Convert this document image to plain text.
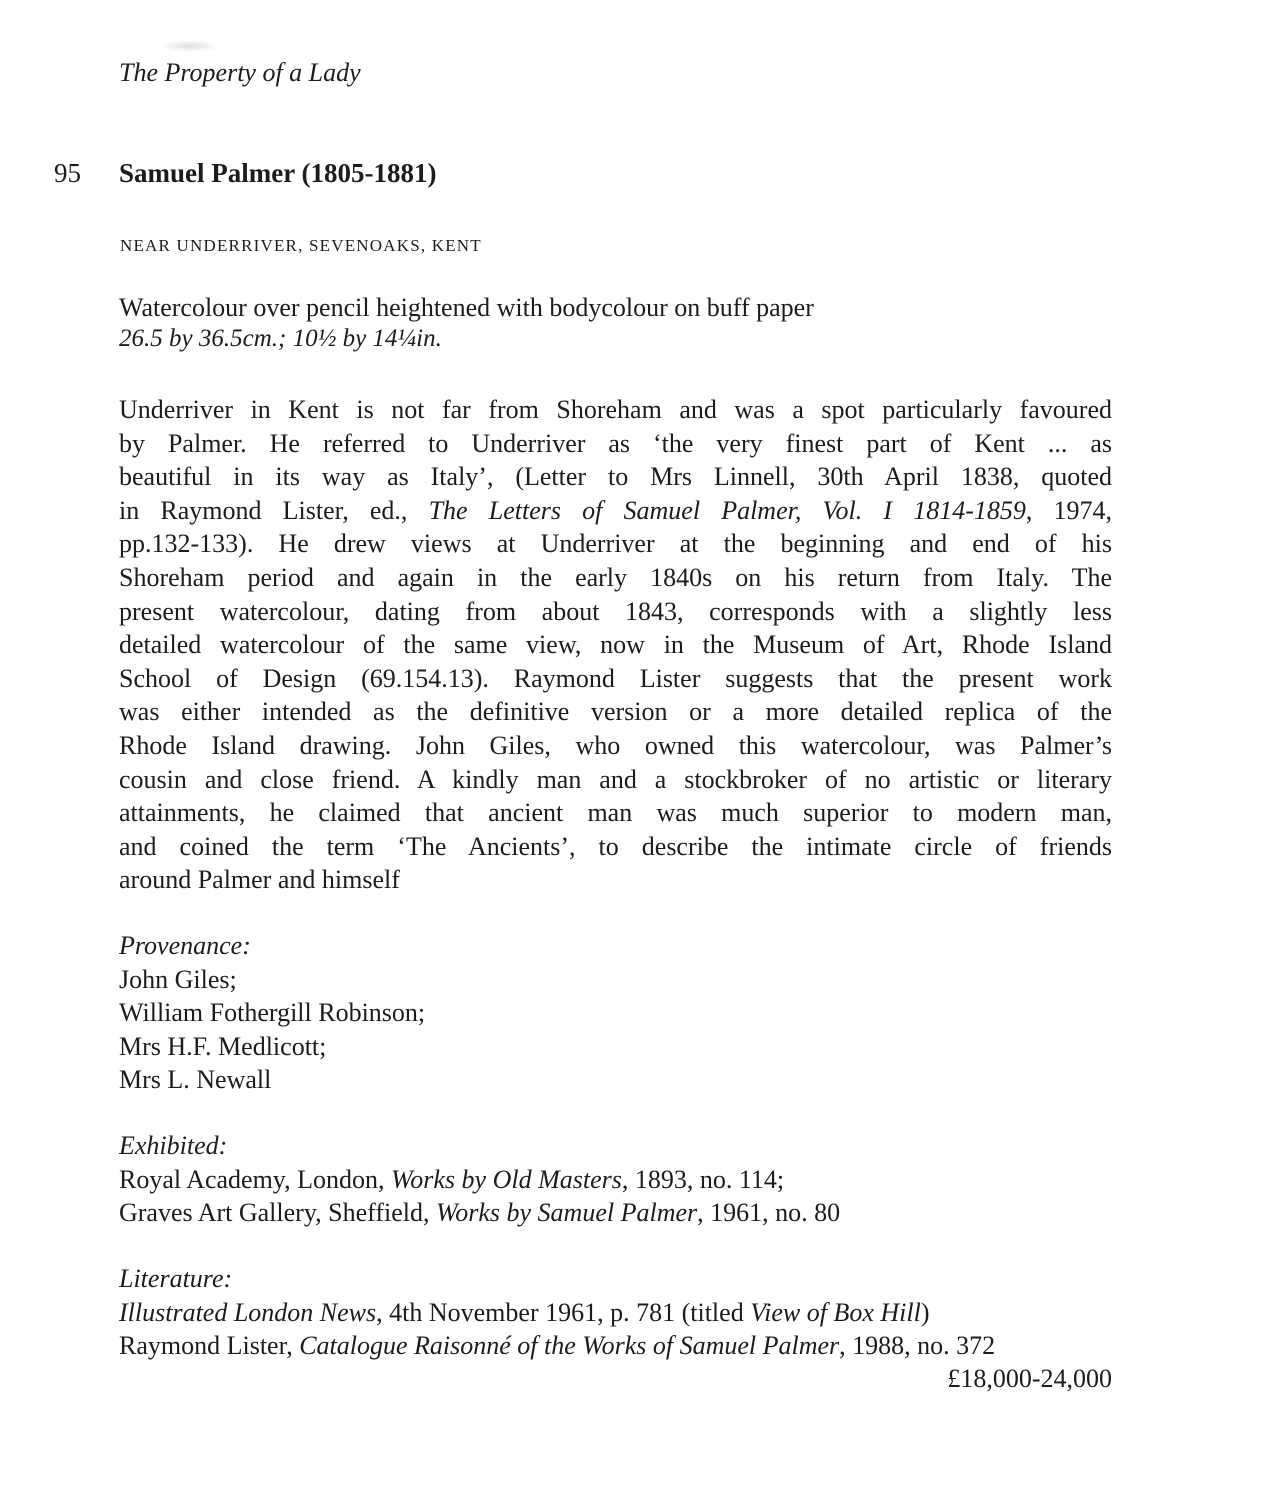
The Property of a Lady
95 Samuel Palmer (1805-1881)
NEAR UNDERRIVER, SEVENOAKS, KENT
Watercolour over pencil heightened with bodycolour on buff paper
26.5 by 36.5cm.; 10½ by 14¼in.
Underriver in Kent is not far from Shoreham and was a spot particularly favoured
by Palmer. He referred to Underriver as ‘the very finest part of Kent ... as
beautiful in its way as Italy’, (Letter to Mrs Linnell, 30th April 1838, quoted
in Raymond Lister, ed., The Letters of Samuel Palmer, Vol. I 1814-1859, 1974,
pp.132-133). He drew views at Underriver at the beginning and end of his
Shoreham period and again in the early 1840s on his return from Italy. The
present watercolour, dating from about 1843, corresponds with a slightly less
detailed watercolour of the same view, now in the Museum of Art, Rhode Island
School of Design (69.154.13). Raymond Lister suggests that the present work
was either intended as the definitive version or a more detailed replica of the
Rhode Island drawing. John Giles, who owned this watercolour, was Palmer’s
cousin and close friend. A kindly man and a stockbroker of no artistic or literary
attainments, he claimed that ancient man was much superior to modern man,
and coined the term ‘The Ancients’, to describe the intimate circle of friends
around Palmer and himself
Provenance:
John Giles;
William Fothergill Robinson;
Mrs H.F. Medlicott;
Mrs L. Newall
Exhibited:
Royal Academy, London, Works by Old Masters, 1893, no. 114;
Graves Art Gallery, Sheffield, Works by Samuel Palmer, 1961, no. 80
Literature:
Illustrated London News, 4th November 1961, p. 781 (titled View of Box Hill)
Raymond Lister, Catalogue Raisonné of the Works of Samuel Palmer, 1988, no. 372
£18,000-24,000
